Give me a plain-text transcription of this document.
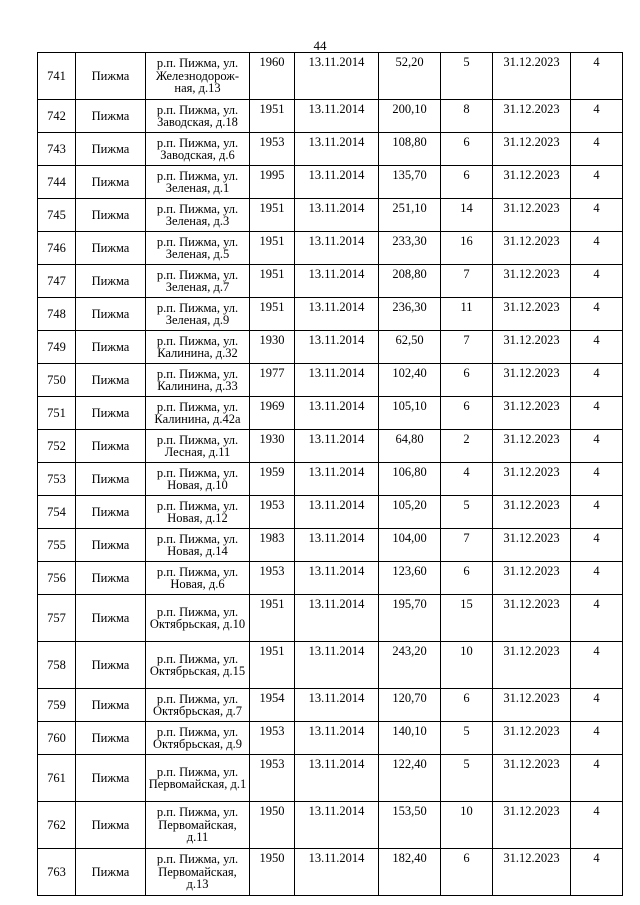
44
741	Пижма	р.п. Пижма, ул. Железнодорож-ная, д.13	1960	13.11.2014	52,20	5	31.12.2023	4
742	Пижма	р.п. Пижма, ул. Заводская, д.18	1951	13.11.2014	200,10	8	31.12.2023	4
743	Пижма	р.п. Пижма, ул. Заводская, д.6	1953	13.11.2014	108,80	6	31.12.2023	4
744	Пижма	р.п. Пижма, ул. Зеленая, д.1	1995	13.11.2014	135,70	6	31.12.2023	4
745	Пижма	р.п. Пижма, ул. Зеленая, д.3	1951	13.11.2014	251,10	14	31.12.2023	4
746	Пижма	р.п. Пижма, ул. Зеленая, д.5	1951	13.11.2014	233,30	16	31.12.2023	4
747	Пижма	р.п. Пижма, ул. Зеленая, д.7	1951	13.11.2014	208,80	7	31.12.2023	4
748	Пижма	р.п. Пижма, ул. Зеленая, д.9	1951	13.11.2014	236,30	11	31.12.2023	4
749	Пижма	р.п. Пижма, ул. Калинина, д.32	1930	13.11.2014	62,50	7	31.12.2023	4
750	Пижма	р.п. Пижма, ул. Калинина, д.33	1977	13.11.2014	102,40	6	31.12.2023	4
751	Пижма	р.п. Пижма, ул. Калинина, д.42а	1969	13.11.2014	105,10	6	31.12.2023	4
752	Пижма	р.п. Пижма, ул. Лесная, д.11	1930	13.11.2014	64,80	2	31.12.2023	4
753	Пижма	р.п. Пижма, ул. Новая, д.10	1959	13.11.2014	106,80	4	31.12.2023	4
754	Пижма	р.п. Пижма, ул. Новая, д.12	1953	13.11.2014	105,20	5	31.12.2023	4
755	Пижма	р.п. Пижма, ул. Новая, д.14	1983	13.11.2014	104,00	7	31.12.2023	4
756	Пижма	р.п. Пижма, ул. Новая, д.6	1953	13.11.2014	123,60	6	31.12.2023	4
757	Пижма	р.п. Пижма, ул. Октябрьская, д.10	1951	13.11.2014	195,70	15	31.12.2023	4
758	Пижма	р.п. Пижма, ул. Октябрьская, д.15	1951	13.11.2014	243,20	10	31.12.2023	4
759	Пижма	р.п. Пижма, ул. Октябрьская, д.7	1954	13.11.2014	120,70	6	31.12.2023	4
760	Пижма	р.п. Пижма, ул. Октябрьская, д.9	1953	13.11.2014	140,10	5	31.12.2023	4
761	Пижма	р.п. Пижма, ул. Первомайская, д.1	1953	13.11.2014	122,40	5	31.12.2023	4
762	Пижма	р.п. Пижма, ул. Первомайская, д.11	1950	13.11.2014	153,50	10	31.12.2023	4
763	Пижма	р.п. Пижма, ул. Первомайская, д.13	1950	13.11.2014	182,40	6	31.12.2023	4
